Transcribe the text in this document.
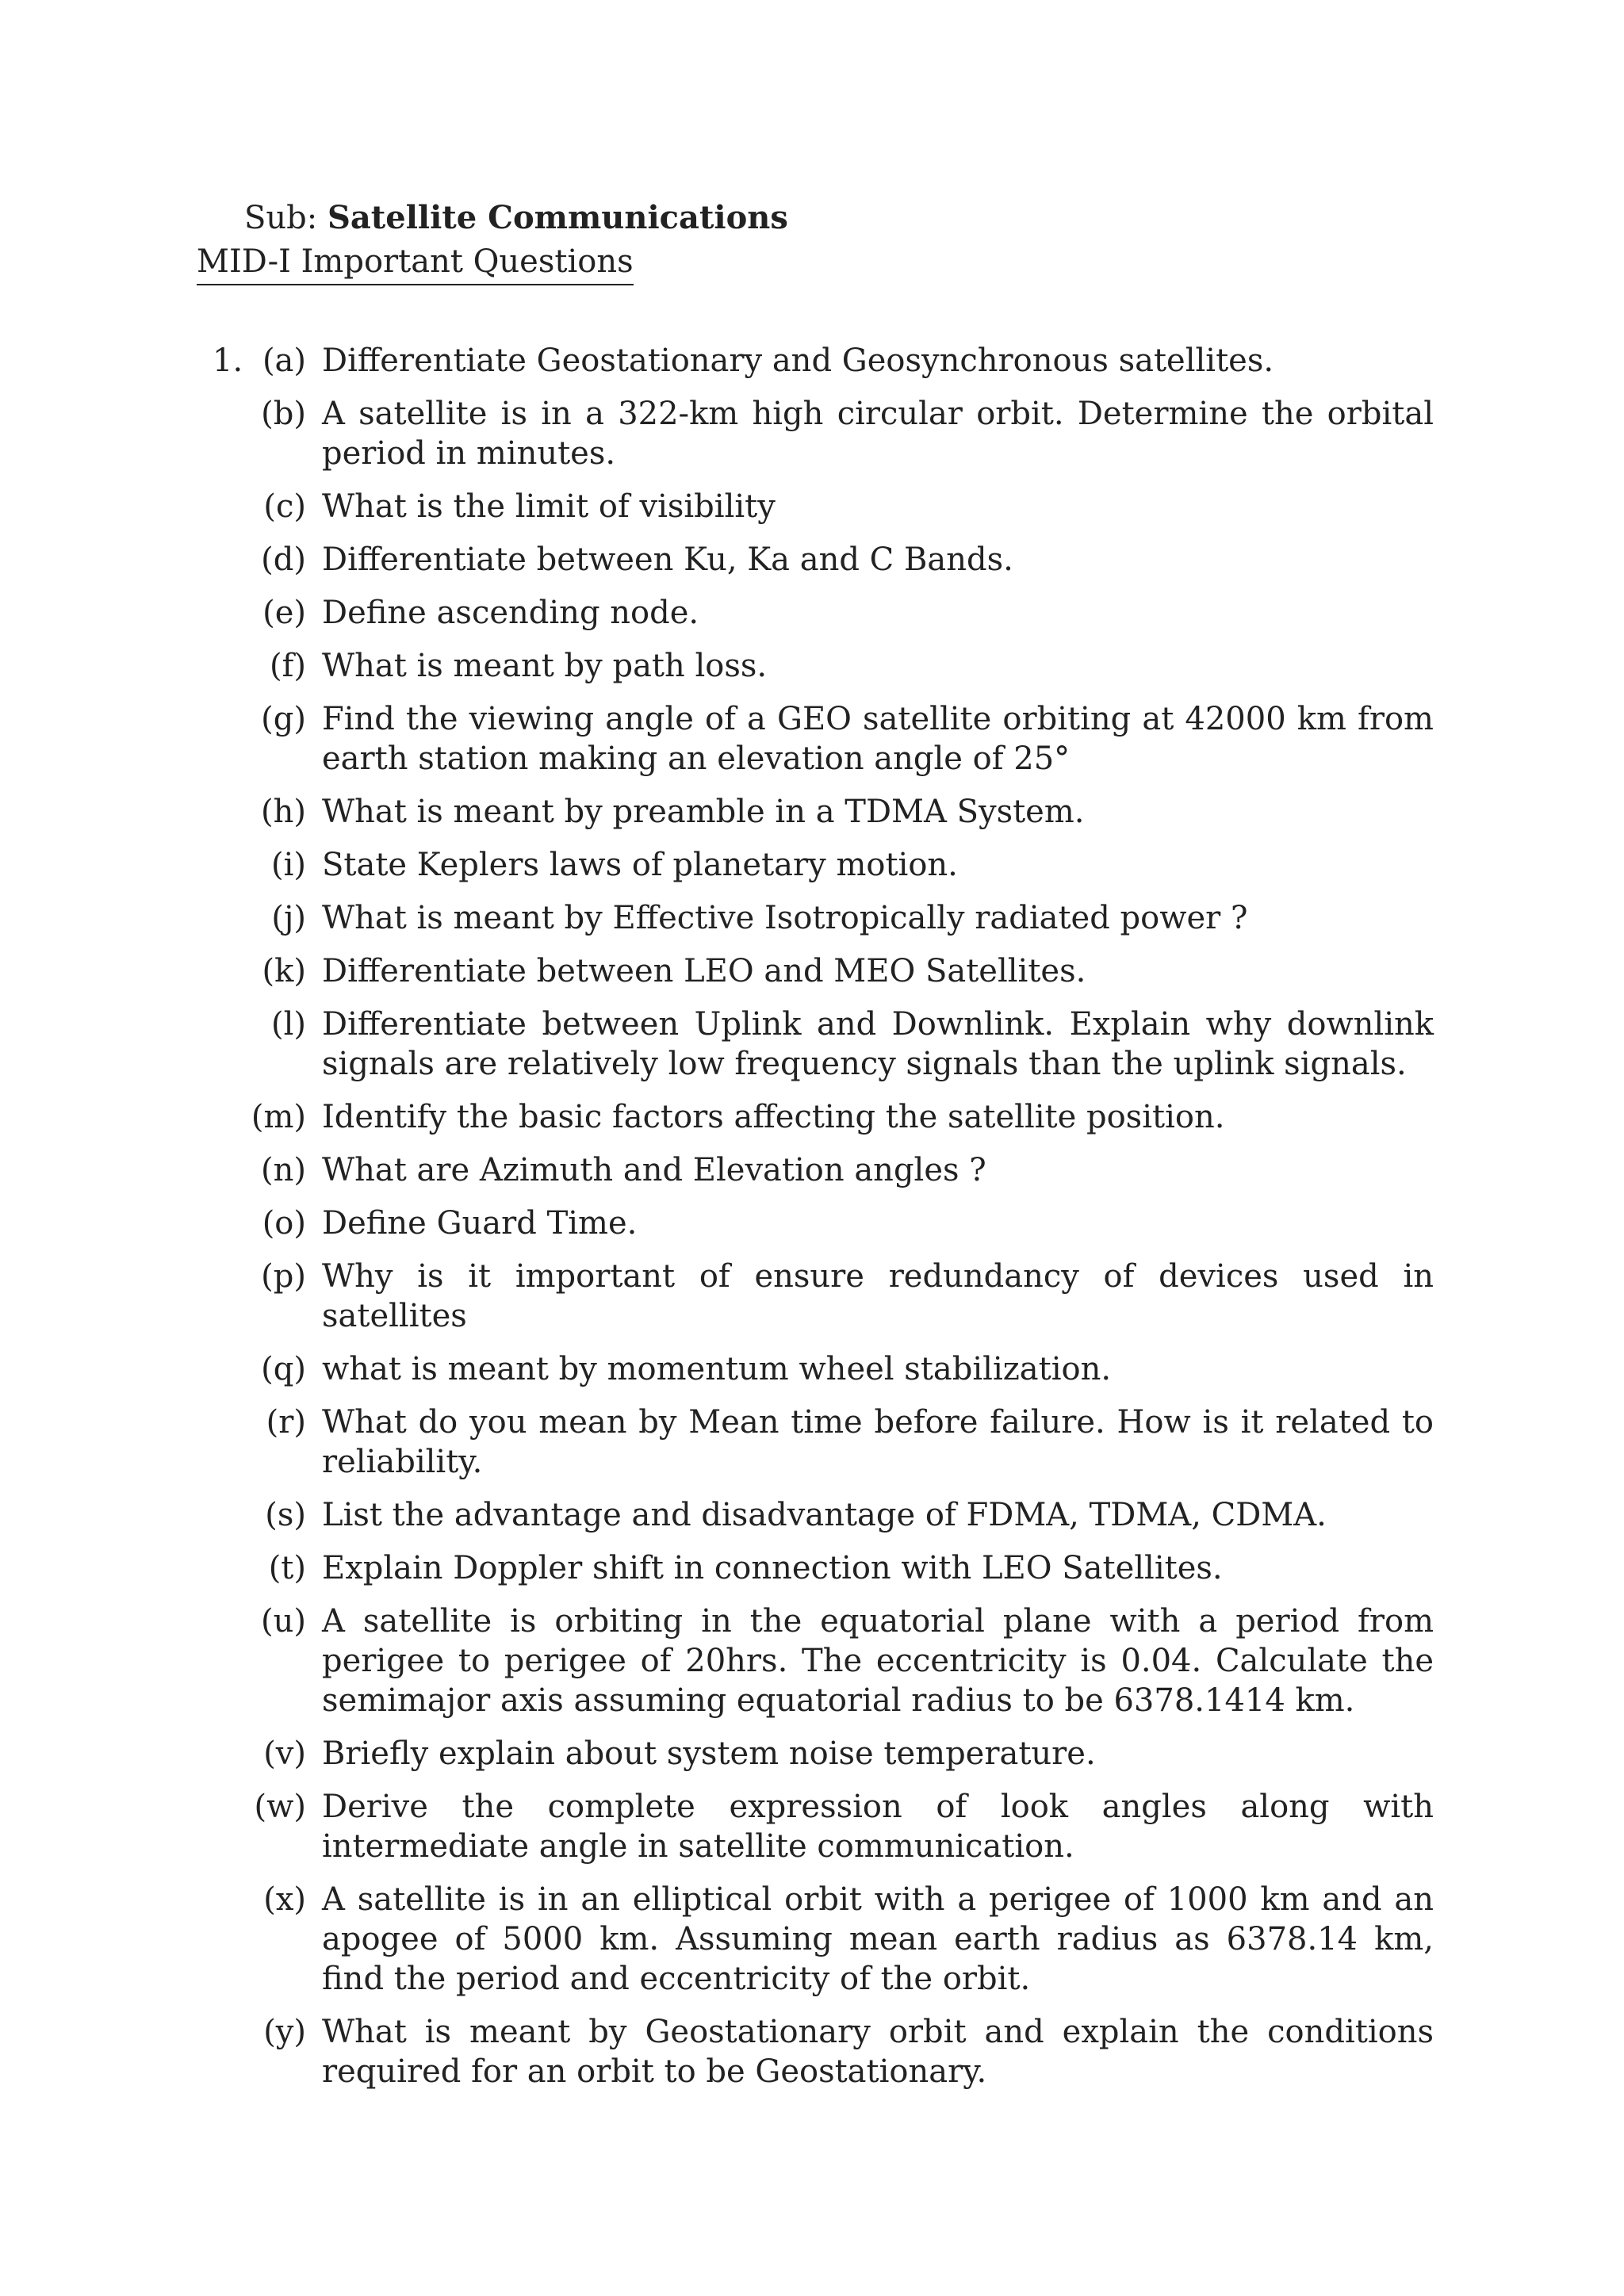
Sub: Satellite Communications
MID-I Important Questions
1. (a) Differentiate Geostationary and Geosynchronous satellites.
(b) A satellite is in a 322-km high circular orbit. Determine the orbital period in minutes.
(c) What is the limit of visibility
(d) Differentiate between Ku, Ka and C Bands.
(e) Define ascending node.
(f) What is meant by path loss.
(g) Find the viewing angle of a GEO satellite orbiting at 42000 km from earth station making an elevation angle of 25°
(h) What is meant by preamble in a TDMA System.
(i) State Keplers laws of planetary motion.
(j) What is meant by Effective Isotropically radiated power ?
(k) Differentiate between LEO and MEO Satellites.
(l) Differentiate between Uplink and Downlink. Explain why downlink signals are relatively low frequency signals than the uplink signals.
(m) Identify the basic factors affecting the satellite position.
(n) What are Azimuth and Elevation angles ?
(o) Define Guard Time.
(p) Why is it important of ensure redundancy of devices used in satellites
(q) what is meant by momentum wheel stabilization.
(r) What do you mean by Mean time before failure. How is it related to reliability.
(s) List the advantage and disadvantage of FDMA, TDMA, CDMA.
(t) Explain Doppler shift in connection with LEO Satellites.
(u) A satellite is orbiting in the equatorial plane with a period from perigee to perigee of 20hrs. The eccentricity is 0.04. Calculate the semimajor axis assuming equatorial radius to be 6378.1414 km.
(v) Briefly explain about system noise temperature.
(w) Derive the complete expression of look angles along with intermediate angle in satellite communication.
(x) A satellite is in an elliptical orbit with a perigee of 1000 km and an apogee of 5000 km. Assuming mean earth radius as 6378.14 km, find the period and eccentricity of the orbit.
(y) What is meant by Geostationary orbit and explain the conditions required for an orbit to be Geostationary.
